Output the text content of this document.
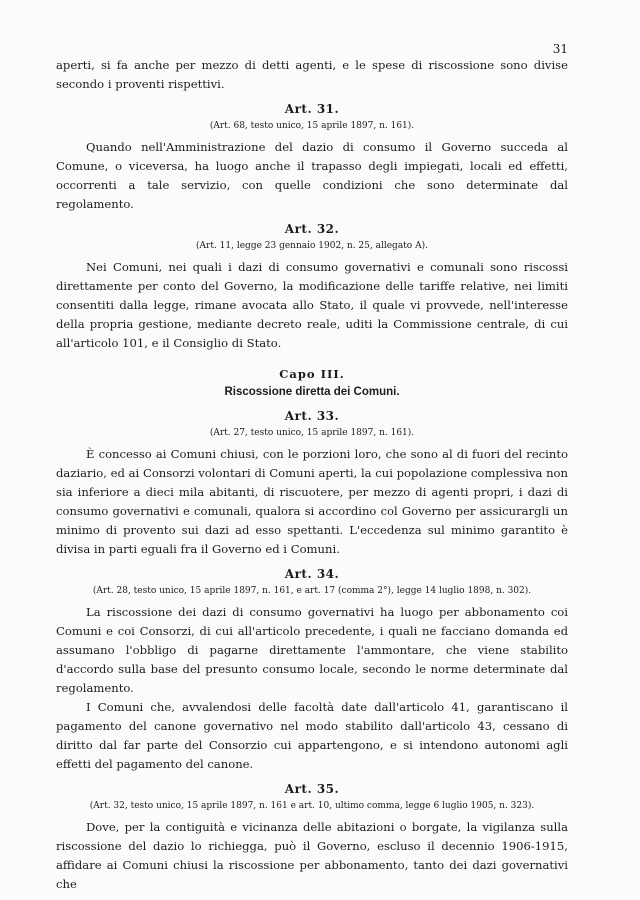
31

aperti, si fa anche per mezzo di detti agenti, e le spese di riscossione sono divise secondo i proventi rispettivi.

Art. 31.
(Art. 68, testo unico, 15 aprile 1897, n. 161).

Quando nell'Amministrazione del dazio di consumo il Governo succeda al Comune, o viceversa, ha luogo anche il trapasso degli impiegati, locali ed effetti, occorrenti a tale servizio, con quelle condizioni che sono determinate dal regolamento.

Art. 32.
(Art. 11, legge 23 gennaio 1902, n. 25, allegato A).

Nei Comuni, nei quali i dazi di consumo governativi e comunali sono riscossi direttamente per conto del Governo, la modificazione delle tariffe relative, nei limiti consentiti dalla legge, rimane avocata allo Stato, il quale vi provvede, nell'interesse della propria gestione, mediante decreto reale, uditi la Commissione centrale, di cui all'articolo 101, e il Consiglio di Stato.

Capo III.
Riscossione diretta dei Comuni.
Art. 33.
(Art. 27, testo unico, 15 aprile 1897, n. 161).

È concesso ai Comuni chiusi, con le porzioni loro, che sono al di fuori del recinto daziario, ed ai Consorzi volontari di Comuni aperti, la cui popolazione complessiva non sia inferiore a dieci mila abitanti, di riscuotere, per mezzo di agenti propri, i dazi di consumo governativi e comunali, qualora si accordino col Governo per assicurargli un minimo di provento sui dazi ad esso spettanti. L'eccedenza sul minimo garantito è divisa in parti eguali fra il Governo ed i Comuni.

Art. 34.
(Art. 28, testo unico, 15 aprile 1897, n. 161, e art. 17 (comma 2°), legge 14 luglio 1898, n. 302).

La riscossione dei dazi di consumo governativi ha luogo per abbonamento coi Comuni e coi Consorzi, di cui all'articolo precedente, i quali ne facciano domanda ed assumano l'obbligo di pagarne direttamente l'ammontare, che viene stabilito d'accordo sulla base del presunto consumo locale, secondo le norme determinate dal regolamento.

I Comuni che, avvalendosi delle facoltà date dall'articolo 41, garantiscano il pagamento del canone governativo nel modo stabilito dall'articolo 43, cessano di diritto dal far parte del Consorzio cui appartengono, e si intendono autonomi agli effetti del pagamento del canone.

Art. 35.
(Art. 32, testo unico, 15 aprile 1897, n. 161 e art. 10, ultimo comma, legge 6 luglio 1905, n. 323).

Dove, per la contiguità e vicinanza delle abitazioni o borgate, la vigilanza sulla riscossione del dazio lo richiegga, può il Governo, escluso il decennio 1906-1915, affidare ai Comuni chiusi la riscossione per abbonamento, tanto dei dazi governativi che
